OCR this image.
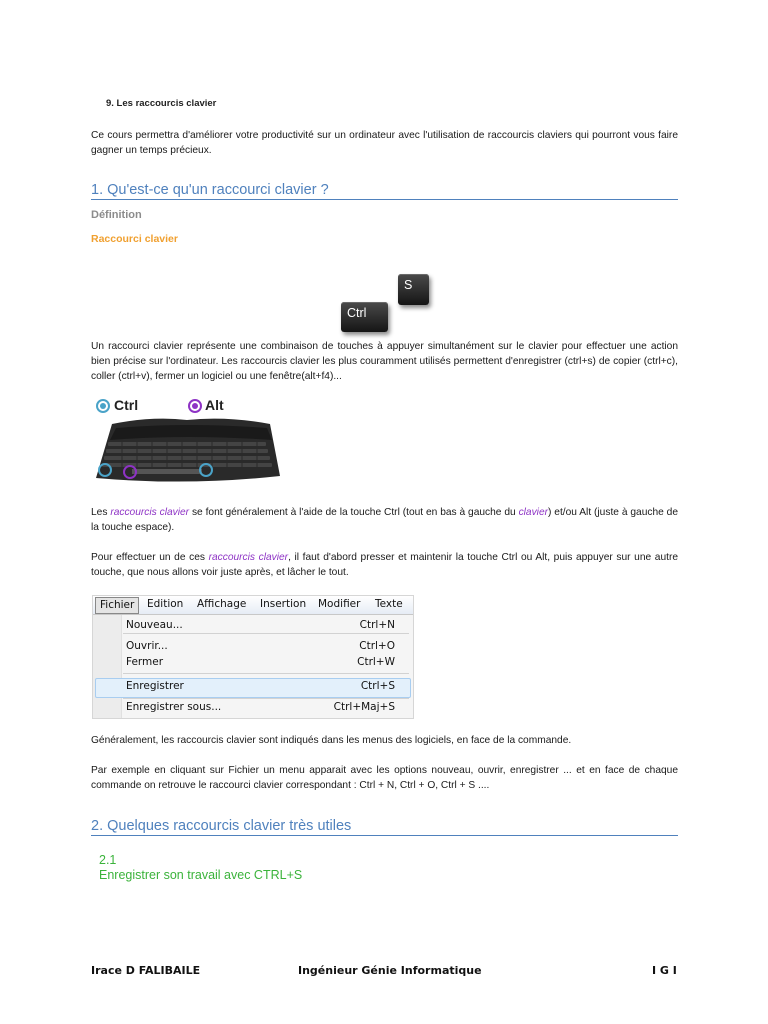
9. Les raccourcis clavier
Ce cours permettra d'améliorer votre productivité sur un ordinateur avec l'utilisation de raccourcis claviers qui pourront vous faire gagner un temps précieux.
1. Qu'est-ce qu'un raccourci clavier ?
Définition
Raccourci clavier
S
Ctrl
Un raccourci clavier représente une combinaison de touches à appuyer simultanément sur le clavier pour effectuer une action bien précise sur l'ordinateur. Les raccourcis clavier les plus couramment utilisés permettent d'enregistrer (ctrl+s) de copier (ctrl+c), coller (ctrl+v), fermer un logiciel ou une fenêtre(alt+f4)...
Ctrl	Alt
Les raccourcis clavier se font généralement à l'aide de la touche Ctrl (tout en bas à gauche du clavier) et/ou Alt (juste à gauche de la touche espace).
Pour effectuer un de ces raccourcis clavier, il faut d'abord presser et maintenir la touche Ctrl ou Alt, puis appuyer sur une autre touche, que nous allons voir juste après, et lâcher le tout.
Fichier Edition Affichage Insertion Modifier Texte
Nouveau...	Ctrl+N
Ouvrir...	Ctrl+O
Fermer	Ctrl+W
Enregistrer	Ctrl+S
Enregistrer sous...	Ctrl+Maj+S
Généralement, les raccourcis clavier sont indiqués dans les menus des logiciels, en face de la commande.
Par exemple en cliquant sur Fichier un menu apparait avec les options nouveau, ouvrir, enregistrer ... et en face de chaque commande on retrouve le raccourci clavier correspondant : Ctrl + N, Ctrl + O, Ctrl + S ....
2. Quelques raccourcis clavier très utiles
2.1
Enregistrer son travail avec CTRL+S
Irace D FALIBAILE	Ingénieur Génie Informatique	I G I
